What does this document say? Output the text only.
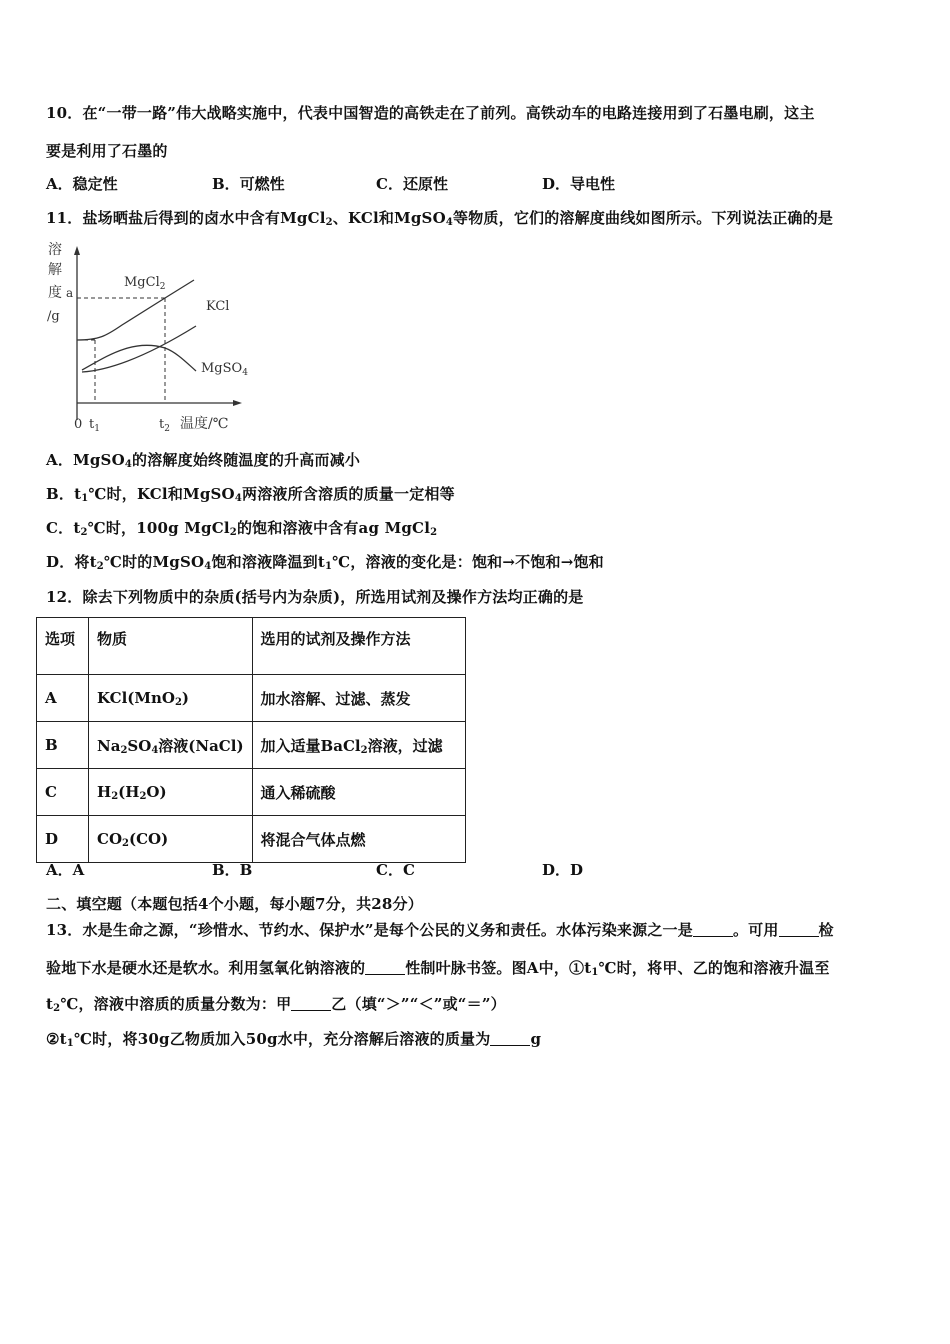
10．在“一带一路”伟大战略实施中，代表中国智造的高铁走在了前列。高铁动车的电路连接用到了石墨电刷，这主
要是利用了石墨的
A．稳定性	B．可燃性	C．还原性	D．导电性
11．盐场晒盐后得到的卤水中含有MgCl$_2$、KCl和MgSO$_4$等物质，它们的溶解度曲线如图所示。下列说法正确的是
溶
解
度
/g
a
MgCl$_2$
KCl
MgSO$_4$
0 $t_1$	$t_2$ 温度/℃
A．MgSO$_4$的溶解度始终随温度的升高而减小
B．$t_1℃$时，KCl和MgSO$_4$两溶液所含溶质的质量一定相等
C．$t_2℃$时，100g MgCl$_2$的饱和溶液中含有ag MgCl$_2$
D．将$t_2℃$时的MgSO$_4$饱和溶液降温到$t_1℃$，溶液的变化是：饱和→不饱和→饱和
12．除去下列物质中的杂质(括号内为杂质)，所选用试剂及操作方法均正确的是
选项	物质	选用的试剂及操作方法
A	KCl(MnO$_2$)	加水溶解、过滤、蒸发
B	$Na_2SO_4$溶液(NaCl)	加入适量BaCl$_2$溶液，过滤
C	$H_2(H_2O)$	通入稀硫酸
D	$CO_2(CO)$	将混合气体点燃
A．A	B．B	C．C	D．D
二、填空题（本题包括4个小题，每小题7分，共28分）
13．水是生命之源，“珍惜水、节约水、保护水”是每个公民的义务和责任。水体污染来源之一是	。可用	检
验地下水是硬水还是软水。利用氢氧化钠溶液的	性制叶脉书签。图A中，$①t_1℃$时，将甲、乙的饱和溶液升温至
$t_2℃$，溶液中溶质的质量分数为：甲	乙（填“＞”“＜”或“＝”）
$②t_1℃$时，将30g乙物质加入50g水中，充分溶解后溶液的质量为	g
